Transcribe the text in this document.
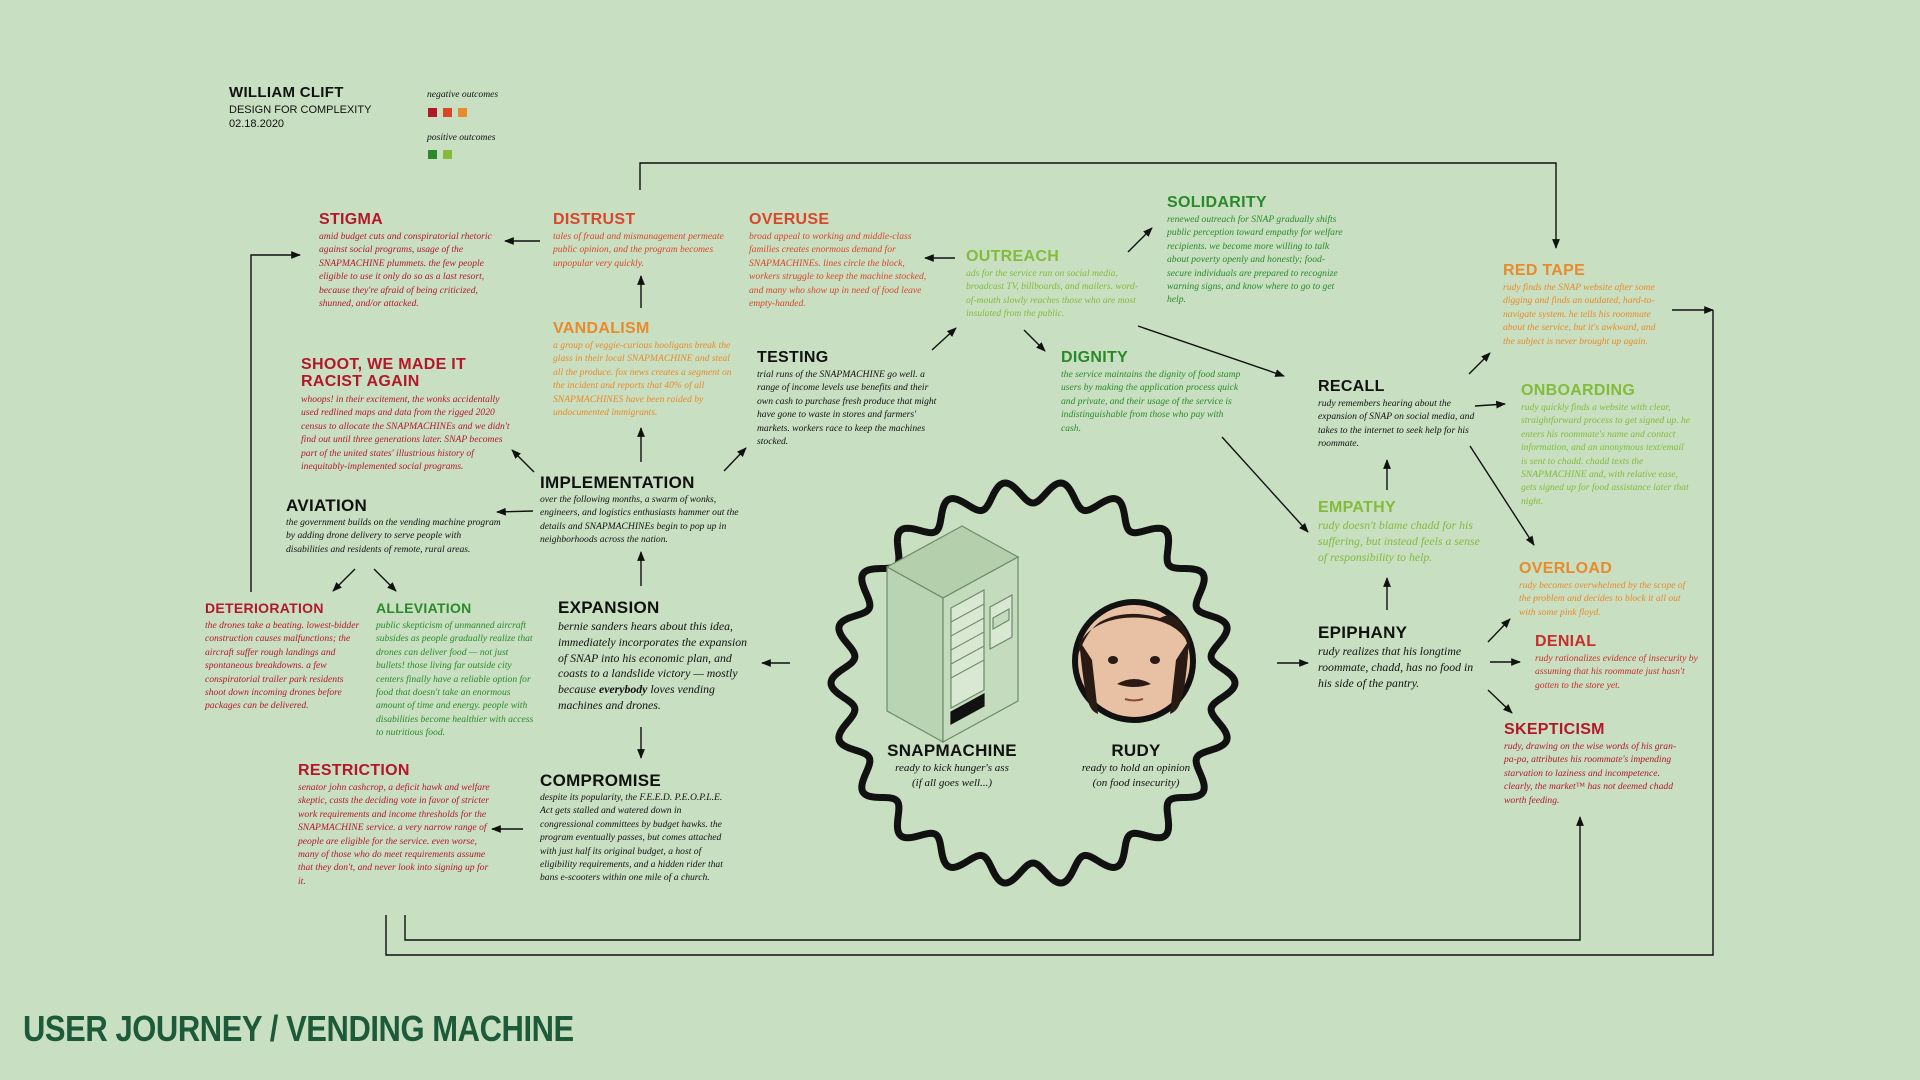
WILLIAM CLIFT
DESIGN FOR COMPLEXITY
02.18.2020
negative outcomes
positive outcomes
STIGMA
amid budget cuts and conspiratorial rhetoric against social programs, usage of the SNAPMACHINE plummets. the few people eligible to use it only do so as a last resort, because they're afraid of being criticized, shunned, and/or attacked.
DISTRUST
tales of fraud and mismanagement permeate public opinion, and the program becomes unpopular very quickly.
OVERUSE
broad appeal to working and middle-class families creates enormous demand for SNAPMACHINEs. lines circle the block, workers struggle to keep the machine stocked, and many who show up in need of food leave empty-handed.
OUTREACH
ads for the service run on social media, broadcast TV, billboards, and mailers. word-of-mouth slowly reaches those who are most insulated from the public.
SOLIDARITY
renewed outreach for SNAP gradually shifts public perception toward empathy for welfare recipients. we become more willing to talk about poverty openly and honestly; food-secure individuals are prepared to recognize warning signs, and know where to go to get help.
RED TAPE
rudy finds the SNAP website after some digging and finds an outdated, hard-to-navigate system. he tells his roommate about the service, but it's awkward, and the subject is never brought up again.
VANDALISM
a group of veggie-curious hooligans break the glass in their local SNAPMACHINE and steal all the produce. fox news creates a segment on the incident and reports that 40% of all SNAPMACHINES have been raided by undocumented immigrants.
TESTING
trial runs of the SNAPMACHINE go well. a range of income levels use benefits and their own cash to purchase fresh produce that might have gone to waste in stores and farmers' markets. workers race to keep the machines stocked.
DIGNITY
the service maintains the dignity of food stamp users by making the application process quick and private, and their usage of the service is indistinguishable from those who pay with cash.
RECALL
rudy remembers hearing about the expansion of SNAP on social media, and takes to the internet to seek help for his roommate.
ONBOARDING
rudy quickly finds a website with clear, straightforward process to get signed up. he enters his roommate's name and contact information, and an anonymous text/email is sent to chadd. chadd texts the SNAPMACHINE and, with relative ease, gets signed up for food assistance later that night.
SHOOT, WE MADE IT RACIST AGAIN
whoops! in their excitement, the wonks accidentally used redlined maps and data from the rigged 2020 census to allocate the SNAPMACHINEs and we didn't find out until three generations later. SNAP becomes part of the united states' illustrious history of inequitably-implemented social programs.
IMPLEMENTATION
over the following months, a swarm of wonks, engineers, and logistics enthusiasts hammer out the details and SNAPMACHINEs begin to pop up in neighborhoods across the nation.
AVIATION
the government builds on the vending machine program by adding drone delivery to serve people with disabilities and residents of remote, rural areas.
EMPATHY
rudy doesn't blame chadd for his suffering, but instead feels a sense of responsibility to help.
OVERLOAD
rudy becomes overwhelmed by the scope of the problem and decides to block it all out with some pink floyd.
DETERIORATION
the drones take a beating. lowest-bidder construction causes malfunctions; the aircraft suffer rough landings and spontaneous breakdowns. a few conspiratorial trailer park residents shoot down incoming drones before packages can be delivered.
ALLEVIATION
public skepticism of unmanned aircraft subsides as people gradually realize that drones can deliver food — not just bullets! those living far outside city centers finally have a reliable option for food that doesn't take an enormous amount of time and energy. people with disabilities become healthier with access to nutritious food.
EXPANSION
bernie sanders hears about this idea, immediately incorporates the expansion of SNAP into his economic plan, and coasts to a landslide victory — mostly because everybody loves vending machines and drones.
EPIPHANY
rudy realizes that his longtime roommate, chadd, has no food in his side of the pantry.
DENIAL
rudy rationalizes evidence of insecurity by assuming that his roommate just hasn't gotten to the store yet.
SKEPTICISM
rudy, drawing on the wise words of his gran-pa-pa, attributes his roommate's impending starvation to laziness and incompetence. clearly, the market™ has not deemed chadd worth feeding.
RESTRICTION
senator john cashcrop, a deficit hawk and welfare skeptic, casts the deciding vote in favor of stricter work requirements and income thresholds for the SNAPMACHINE service. a very narrow range of people are eligible for the service. even worse, many of those who do meet requirements assume that they don't, and never look into signing up for it.
COMPROMISE
despite its popularity, the F.E.E.D. P.E.O.P.L.E. Act gets stalled and watered down in congressional committees by budget hawks. the program eventually passes, but comes attached with just half its original budget, a host of eligibility requirements, and a hidden rider that bans e-scooters within one mile of a church.
SNAPMACHINE
ready to kick hunger's ass
(if all goes well...)
RUDY
ready to hold an opinion
(on food insecurity)
USER JOURNEY / VENDING MACHINE
